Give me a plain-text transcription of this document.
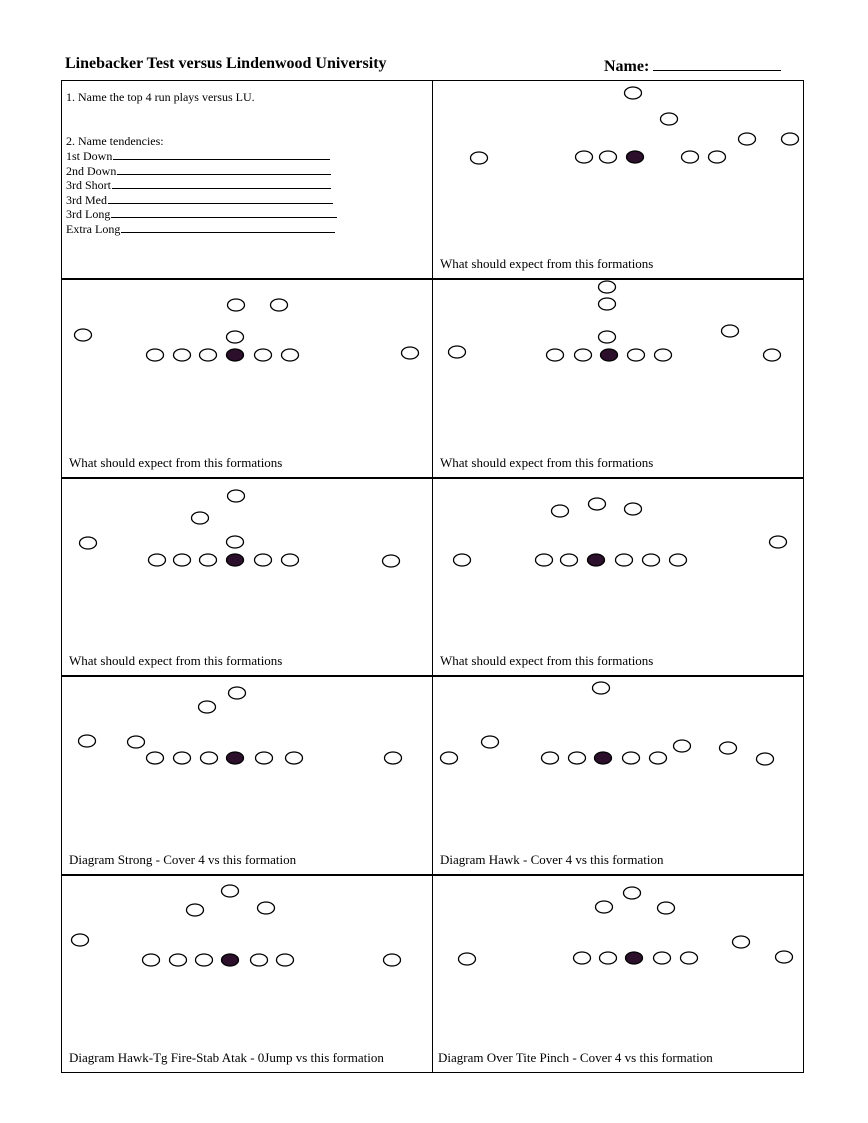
Linebacker Test versus Lindenwood University	Name:
1. Name the top 4 run plays versus LU.
2. Name tendencies:
1st Down
2nd Down
3rd Short
3rd Med
3rd Long
Extra Long
What should expect from this formations
What should expect from this formations	What should expect from this formations
What should expect from this formations	What should expect from this formations
Diagram Strong - Cover 4 vs this formation	Diagram Hawk - Cover 4 vs this formation
Diagram Hawk-Tg Fire-Stab Atak - 0Jump vs this formation	Diagram Over Tite Pinch - Cover 4 vs this formation
